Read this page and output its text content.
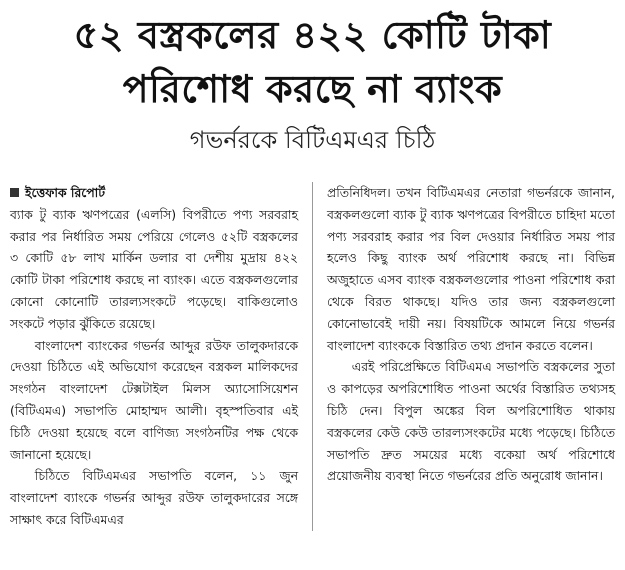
৫২ বস্ত্রকলের ৪২২ কোটি টাকা
পরিশোধ করছে না ব্যাংক
গভর্নরকে বিটিএমএর চিঠি
ইত্তেফাক রিপোর্ট

ব্যাক টু ব্যাক ঋণপত্রের (এলসি) বিপরীতে পণ্য সরবরাহ করার পর নির্ধারিত সময় পেরিয়ে গেলেও ৫২টি বস্ত্রকলের ৩ কোটি ৫৮ লাখ মার্কিন ডলার বা দেশীয় মুদ্রায় ৪২২ কোটি টাকা পরিশোধ করছে না ব্যাংক। এতে বস্ত্রকলগুলোর কোনো কোনোটি তারল্যসংকটে পড়েছে। বাকিগুলোও সংকটে পড়ার ঝুঁকিতে রয়েছে।

বাংলাদেশ ব্যাংকের গভর্নর আব্দুর রউফ তালুকদারকে দেওয়া চিঠিতে এই অভিযোগ করেছেন বস্ত্রকল মালিকদের সংগঠন বাংলাদেশ টেক্সটাইল মিলস অ্যাসোসিয়েশন (বিটিএমএ) সভাপতি মোহাম্মদ আলী। বৃহস্পতিবার এই চিঠি দেওয়া হয়েছে বলে বাণিজ্য সংগঠনটির পক্ষ থেকে জানানো হয়েছে।

চিঠিতে বিটিএমএর সভাপতি বলেন, ১১ জুন বাংলাদেশ ব্যাংকে গভর্নর আব্দুর রউফ তালুকদারের সঙ্গে সাক্ষাৎ করে বিটিএমএর

প্রতিনিধিদল। তখন বিটিএমএর নেতারা গভর্নরকে জানান, বস্ত্রকলগুলো ব্যাক টু ব্যাক ঋণপত্রের বিপরীতে চাহিদা মতো পণ্য সরবরাহ করার পর বিল দেওয়ার নির্ধারিত সময় পার হলেও কিছু ব্যাংক অর্থ পরিশোধ করছে না। বিভিন্ন অজুহাতে এসব ব্যাংক বস্ত্রকলগুলোর পাওনা পরিশোধ করা থেকে বিরত থাকছে। যদিও তার জন্য বস্ত্রকলগুলো কোনোভাবেই দায়ী নয়। বিষয়টিকে আমলে নিয়ে গভর্নর বাংলাদেশ ব্যাংককে বিস্তারিত তথ্য প্রদান করতে বলেন।

এরই পরিপ্রেক্ষিতে বিটিএমএ সভাপতি বস্ত্রকলের সুতা ও কাপড়ের অপরিশোধিত পাওনা অর্থের বিস্তারিত তথ্যসহ চিঠি দেন। বিপুল অঙ্কের বিল অপরিশোধিত থাকায় বস্ত্রকলের কেউ কেউ তারল্যসংকটের মধ্যে পড়েছে। চিঠিতে সভাপতি দ্রুত সময়ের মধ্যে বকেয়া অর্থ পরিশোধে প্রয়োজনীয় ব্যবস্থা নিতে গভর্নরের প্রতি অনুরোধ জানান।
